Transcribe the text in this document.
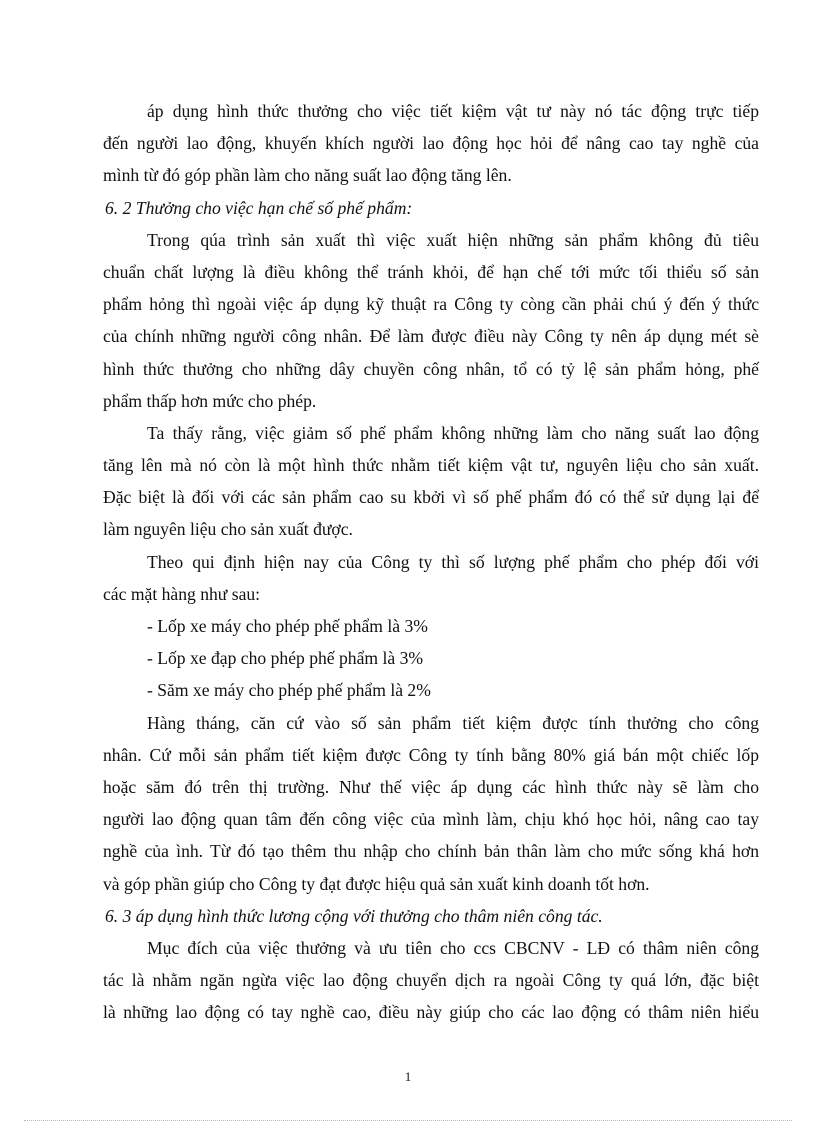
áp dụng hình thức thưởng cho việc tiết kiệm vật tư này nó tác động trực tiếp
đến người lao động, khuyến khích người lao động học hỏi để nâng cao tay nghề của
mình từ đó góp phần làm cho năng suất lao động tăng lên.
6. 2 Thưởng cho việc hạn chế số phế phẩm:
Trong qúa trình sản xuất thì việc xuất hiện những sản phẩm không đủ tiêu
chuẩn chất lượng là điều không thể tránh khỏi, để hạn chế tới mức tối thiểu số sản
phẩm hỏng thì ngoài việc áp dụng kỹ thuật ra Công ty còng cần phải chú ý đến ý thức
của chính những người công nhân. Để làm được điều này Công ty nên áp dụng mét sè
hình thức thưởng cho những dây chuyền công nhân, tổ có tỷ lệ sản phẩm hỏng, phế
phẩm thấp hơn mức cho phép.
Ta thấy rằng, việc giảm số phế phẩm không những làm cho năng suất lao động
tăng lên mà nó còn là một hình thức nhằm tiết kiệm vật tư, nguyên liệu cho sản xuất.
Đặc biệt là đối với các sản phẩm cao su kbởi vì số phế phẩm đó có thể sử dụng lại để
làm nguyên liệu cho sản xuất được.
Theo qui định hiện nay của Công ty thì số lượng phế phẩm cho phép đối với
các mặt hàng như sau:
- Lốp xe máy cho phép phế phẩm là 3%
- Lốp xe đạp cho phép phế phẩm là 3%
- Săm xe máy cho phép phế phẩm là 2%
Hàng tháng, căn cứ vào số sản phẩm tiết kiệm được tính thưởng cho công
nhân. Cứ mỗi sản phẩm tiết kiệm được Công ty tính bằng 80% giá bán một chiếc lốp
hoặc săm đó trên thị trường. Như thế việc áp dụng các hình thức này sẽ làm cho
người lao động quan tâm đến công việc của mình làm, chịu khó học hỏi, nâng cao tay
nghề của ình. Từ đó tạo thêm thu nhập cho chính bản thân làm cho mức sống khá hơn
và góp phần giúp cho Công ty đạt được hiệu quả sản xuất kinh doanh tốt hơn.
6. 3 áp dụng hình thức lương cộng với thưởng cho thâm niên công tác.
Mục đích của việc thưởng và ưu tiên cho ccs CBCNV - LĐ có thâm niên công
tác là nhằm ngăn ngừa việc lao động chuyển dịch ra ngoài Công ty quá lớn, đặc biệt
là những lao động có tay nghề cao, điều này giúp cho các lao động có thâm niên hiểu
1
